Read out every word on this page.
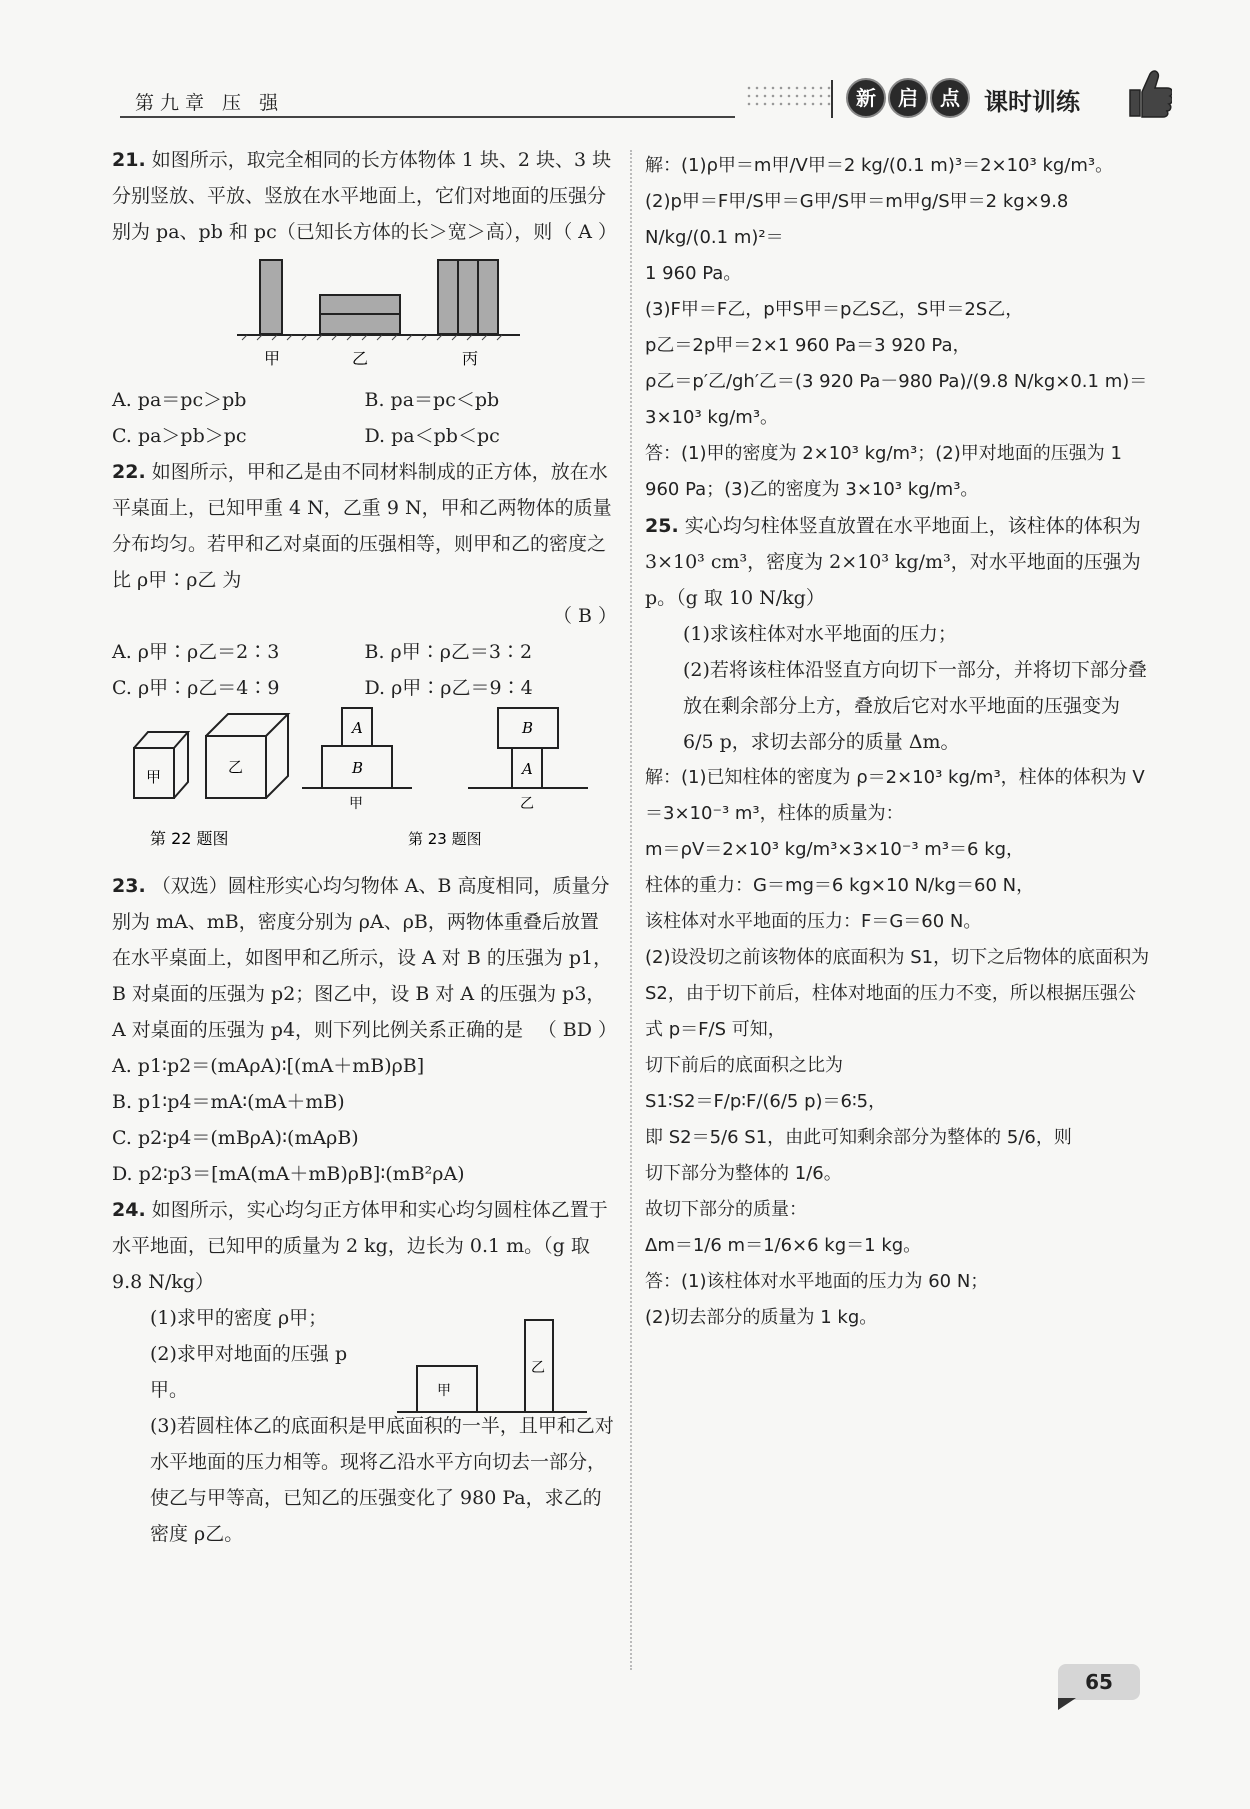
第九章 压 强	新	启	点	课时训练

21. 如图所示，取完全相同的长方体物体 1 块、2 块、3 块分别竖放、平放、竖放在水平地面上，它们对地面的压强分别为 pa、pb 和 pc（已知长方体的长＞宽＞高），则 （ A ）

甲	乙	丙
A. pa＝pc＞pb	B. pa＝pc＜pb
C. pa＞pb＞pc	D. pa＜pb＜pc

22. 如图所示，甲和乙是由不同材料制成的正方体，放在水平桌面上，已知甲重 4 N，乙重 9 N，甲和乙两物体的质量分布均匀。若甲和乙对桌面的压强相等，则甲和乙的密度之比 ρ甲∶ρ乙 为

（ B ）

A. ρ甲∶ρ乙＝2∶3	B. ρ甲∶ρ乙＝3∶2
C. ρ甲∶ρ乙＝4∶9	D. ρ甲∶ρ乙＝9∶4
甲
乙
A
B
甲
B
A
乙
第 22 题图	第 23 题图

23. （双选）圆柱形实心均匀物体 A、B 高度相同，质量分别为 mA、mB，密度分别为 ρA、ρB，两物体重叠后放置在水平桌面上，如图甲和乙所示，设 A 对 B 的压强为 p1，B 对桌面的压强为 p2；图乙中，设 B 对 A 的压强为 p3，A 对桌面的压强为 p4，则下列比例关系正确的是 （ BD ）

A. p1∶p2＝(mAρA)∶[(mA＋mB)ρB]

B. p1∶p4＝mA∶(mA＋mB)

C. p2∶p4＝(mBρA)∶(mAρB)

D. p2∶p3＝[mA(mA＋mB)ρB]∶(mB²ρA)

24. 如图所示，实心均匀正方体甲和实心均匀圆柱体乙置于水平地面，已知甲的质量为 2 kg，边长为 0.1 m。（g 取 9.8 N/kg）

(1)求甲的密度 ρ甲；

(2)求甲对地面的压强 p甲。	甲
乙

(3)若圆柱体乙的底面积是甲底面积的一半，且甲和乙对水平地面的压力相等。现将乙沿水平方向切去一部分，使乙与甲等高，已知乙的压强变化了 980 Pa，求乙的密度 ρ乙。

解：(1)ρ甲＝m甲/V甲＝2 kg/(0.1 m)³＝2×10³ kg/m³。

(2)p甲＝F甲/S甲＝G甲/S甲＝m甲g/S甲＝2 kg×9.8 N/kg/(0.1 m)²＝

1 960 Pa。

(3)F甲＝F乙，p甲S甲＝p乙S乙，S甲＝2S乙，

p乙＝2p甲＝2×1 960 Pa＝3 920 Pa，

ρ乙＝p′乙/gh′乙＝(3 920 Pa－980 Pa)/(9.8 N/kg×0.1 m)＝3×10³ kg/m³。

答：(1)甲的密度为 2×10³ kg/m³；(2)甲对地面的压强为 1 960 Pa；(3)乙的密度为 3×10³ kg/m³。

25. 实心均匀柱体竖直放置在水平地面上，该柱体的体积为 3×10³ cm³，密度为 2×10³ kg/m³，对水平地面的压强为 p。（g 取 10 N/kg）

(1)求该柱体对水平地面的压力；

(2)若将该柱体沿竖直方向切下一部分，并将切下部分叠放在剩余部分上方，叠放后它对水平地面的压强变为 6/5 p，求切去部分的质量 Δm。

解：(1)已知柱体的密度为 ρ＝2×10³ kg/m³，柱体的体积为 V＝3×10⁻³ m³，柱体的质量为：

m＝ρV＝2×10³ kg/m³×3×10⁻³ m³＝6 kg，

柱体的重力：G＝mg＝6 kg×10 N/kg＝60 N，

该柱体对水平地面的压力：F＝G＝60 N。

(2)设没切之前该物体的底面积为 S1，切下之后物体的底面积为 S2，由于切下前后，柱体对地面的压力不变，所以根据压强公式 p＝F/S 可知，

切下前后的底面积之比为

S1∶S2＝F/p∶F/(6/5 p)＝6∶5，

即 S2＝5/6 S1，由此可知剩余部分为整体的 5/6，则

切下部分为整体的 1/6。

故切下部分的质量：

Δm＝1/6 m＝1/6×6 kg＝1 kg。

答：(1)该柱体对水平地面的压力为 60 N；

(2)切去部分的质量为 1 kg。

65
